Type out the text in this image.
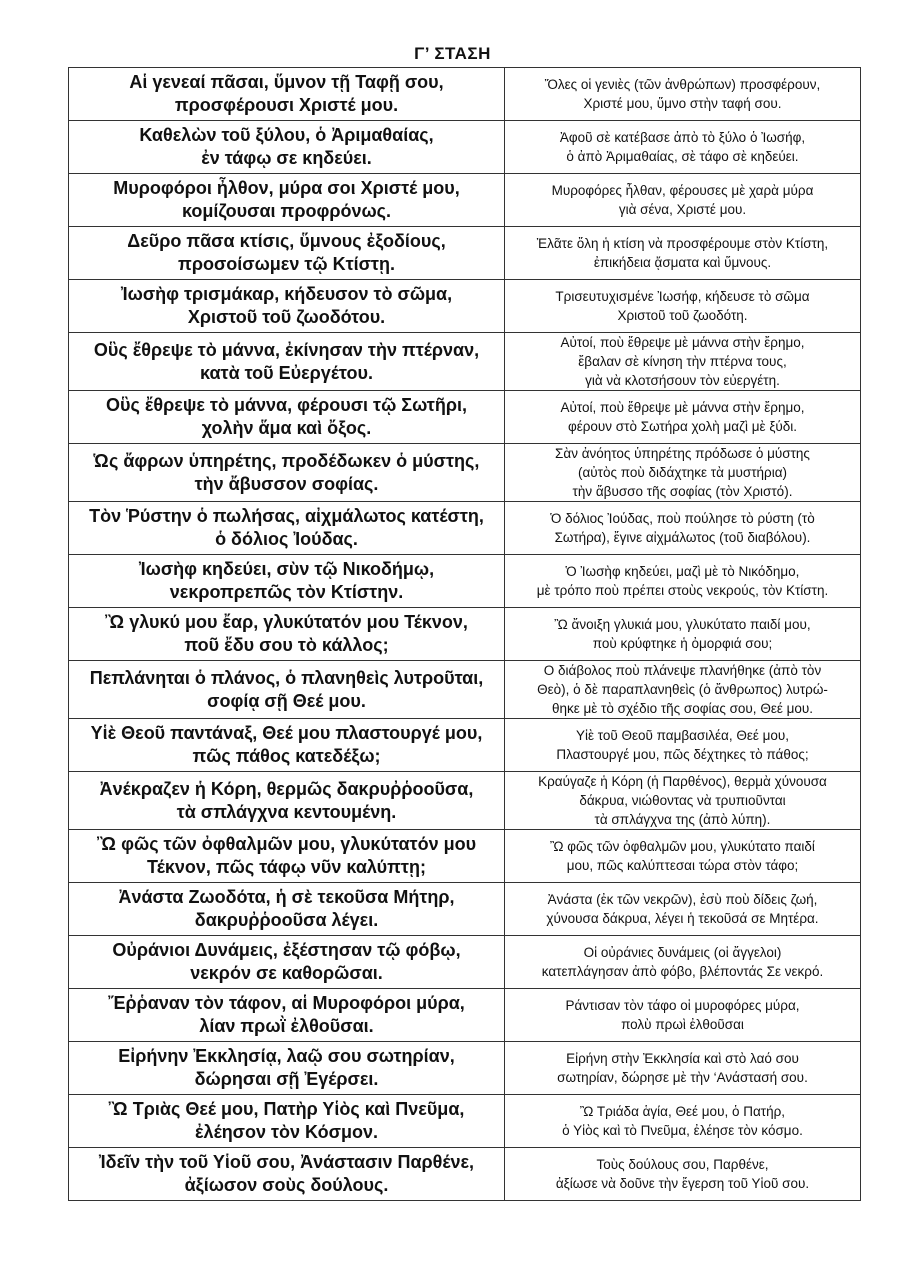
Γ’ ΣΤΑΣΗ
Αἱ γενεαί πᾶσαι, ὕμνον τῇ Ταφῇ σου,
προσφέρουσι Χριστέ μου.	Ὅλες οἱ γενιὲς (τῶν ἀνθρώπων) προσφέρουν,
Χριστέ μου, ὕμνο στὴν ταφή σου.

Καθελὼν τοῦ ξύλου, ὁ Ἀριμαθαίας,
ἐν τάφῳ σε κηδεύει.	Ἀφοῦ σὲ κατέβασε ἀπὸ τὸ ξύλο ὁ Ἰωσήφ,
ὁ ἀπὸ Ἀριμαθαίας, σὲ τάφο σὲ κηδεύει.

Μυροφόροι ἦλθον, μύρα σοι Χριστέ μου,
κομίζουσαι προφρόνως.	Μυροφόρες ἦλθαν, φέρουσες μὲ χαρὰ μύρα
γιὰ σένα, Χριστέ μου.

Δεῦρο πᾶσα κτίσις, ὕμνους ἐξοδίους,
προσοίσωμεν τῷ Κτίστῃ.	Ἐλᾶτε ὅλη ἡ κτίση νὰ προσφέρουμε στὸν Κτίστη,
ἐπικήδεια ᾄσματα καὶ ὕμνους.

Ἰωσὴφ τρισμάκαρ, κήδευσον τὸ σῶμα,
Χριστοῦ τοῦ ζωοδότου.	Τρισευτυχισμένε Ἰωσήφ, κήδευσε τὸ σῶμα
Χριστοῦ τοῦ ζωοδότη.

Οὓς ἔθρεψε τὸ μάννα, ἐκίνησαν τὴν πτέρναν,
κατὰ τοῦ Εὐεργέτου.	Αὐτοί, ποὺ ἔθρεψε μὲ μάννα στὴν ἔρημο,
ἔβαλαν σὲ κίνηση τὴν πτέρνα τους,
γιὰ νὰ κλοτσήσουν τὸν εὐεργέτη.

Οὓς ἔθρεψε τὸ μάννα, φέρουσι τῷ Σωτῆρι,
χολὴν ἅμα καὶ ὄξος.	Αὐτοί, ποὺ ἔθρεψε μὲ μάννα στὴν ἔρημο,
φέρουν στὸ Σωτήρα χολὴ μαζὶ μὲ ξύδι.

Ὡς ἄφρων ὑπηρέτης, προδέδωκεν ὁ μύστης,
τὴν ἄβυσσον σοφίας.	Σὰν ἀνόητος ὑπηρέτης πρόδωσε ὁ μύστης
(αὐτὸς ποὺ διδάχτηκε τὰ μυστήρια)
τὴν ἄβυσσο τῆς σοφίας (τὸν Χριστό).

Τὸν Ῥύστην ὁ πωλήσας, αἰχμάλωτος κατέστη,
ὁ δόλιος Ἰούδας.	Ὁ δόλιος Ἰούδας, ποὺ πούλησε τὸ ρύστη (τὸ
Σωτήρα), ἔγινε αἰχμάλωτος (τοῦ διαβόλου).

Ἰωσὴφ κηδεύει, σὺν τῷ Νικοδήμῳ,
νεκροπρεπῶς τὸν Κτίστην.	Ὁ Ἰωσὴφ κηδεύει, μαζὶ μὲ τὸ Νικόδημο,
μὲ τρόπο ποὺ πρέπει στοὺς νεκρούς, τὸν Κτίστη.

Ὢ γλυκύ μου ἔαρ, γλυκύτατόν μου Τέκνον,
ποῦ ἔδυ σου τὸ κάλλος;	Ὢ ἄνοιξη γλυκιά μου, γλυκύτατο παιδί μου,
ποὺ κρύφτηκε ἡ ὀμορφιά σου;

Πεπλάνηται ὁ πλάνος, ὁ πλανηθεὶς λυτροῦται,
σοφίᾳ σῇ Θεέ μου.	Ο διάβολος ποὺ πλάνεψε πλανήθηκε (ἀπὸ τὸν
Θεὸ), ὁ δὲ παραπλανηθεὶς (ὁ ἄνθρωπος) λυτρώ-
θηκε μὲ τὸ σχέδιο τῆς σοφίας σου, Θεέ μου.

Υἱὲ Θεοῦ παντάναξ, Θεέ μου πλαστουργέ μου,
πῶς πάθος κατεδέξω;	Υἱὲ τοῦ Θεοῦ παμβασιλέα, Θεέ μου,
Πλαστουργέ μου, πῶς δέχτηκες τὸ πάθος;

Ἀνέκραζεν ἡ Κόρη, θερμῶς δακρυῤῥοοῦσα,
τὰ σπλάγχνα κεντουμένη.	Κραύγαζε ἡ Κόρη (ἡ Παρθένος), θερμὰ χύνουσα
δάκρυα, νιώθοντας νὰ τρυπιοῦνται
τὰ σπλάγχνα της (ἀπὸ λύπη).

Ὢ φῶς τῶν ὀφθαλμῶν μου, γλυκύτατόν μου
Τέκνον, πῶς τάφῳ νῦν καλύπτῃ;	Ὢ φῶς τῶν ὀφθαλμῶν μου, γλυκύτατο παιδί
μου, πῶς καλύπτεσαι τώρα στὸν τάφο;

Ἀνάστα Ζωοδότα, ἡ σὲ τεκοῦσα Μήτηρ,
δακρυῤῥοοῦσα λέγει.	Ἀνάστα (ἐκ τῶν νεκρῶν), ἐσὺ ποὺ δίδεις ζωή,
χύνουσα δάκρυα, λέγει ἡ τεκοῦσά σε Μητέρα.

Οὐράνιοι Δυνάμεις, ἐξέστησαν τῷ φόβῳ,
νεκρόν σε καθορῶσαι.	Οἱ οὐράνιες δυνάμεις (οἱ ἄγγελοι)
κατεπλάγησαν ἀπὸ φόβο, βλέποντάς Σε νεκρό.

Ἔῤῥαναν τὸν τάφον, αἱ Μυροφόροι μύρα,
λίαν πρωῒ ἐλθοῦσαι.	Ράντισαν τὸν τάφο οἱ μυροφόρες μύρα,
πολὺ πρωὶ ἐλθοῦσαι

Εἰρήνην Ἐκκλησίᾳ, λαῷ σου σωτηρίαν,
δώρησαι σῇ Ἐγέρσει.	Εἰρήνη στὴν Ἐκκλησία καὶ στὸ λαό σου
σωτηρίαν, δώρησε μὲ τὴν ‘Ανάστασή σου.

Ὢ Τριὰς Θεέ μου, Πατὴρ Υἱὸς καὶ Πνεῦμα,
ἐλέησον τὸν Κόσμον.	Ὢ Τριάδα ἁγία, Θεέ μου, ὁ Πατήρ,
ὁ Υἱὸς καὶ τὸ Πνεῦμα, ἐλέησε τὸν κόσμο.

Ἰδεῖν τὴν τοῦ Υἱοῦ σου, Ἀνάστασιν Παρθένε,
ἀξίωσον σοὺς δούλους.	Τοὺς δούλους σου, Παρθένε,
ἀξίωσε νὰ δοῦνε τὴν ἔγερση τοῦ Υἱοῦ σου.
